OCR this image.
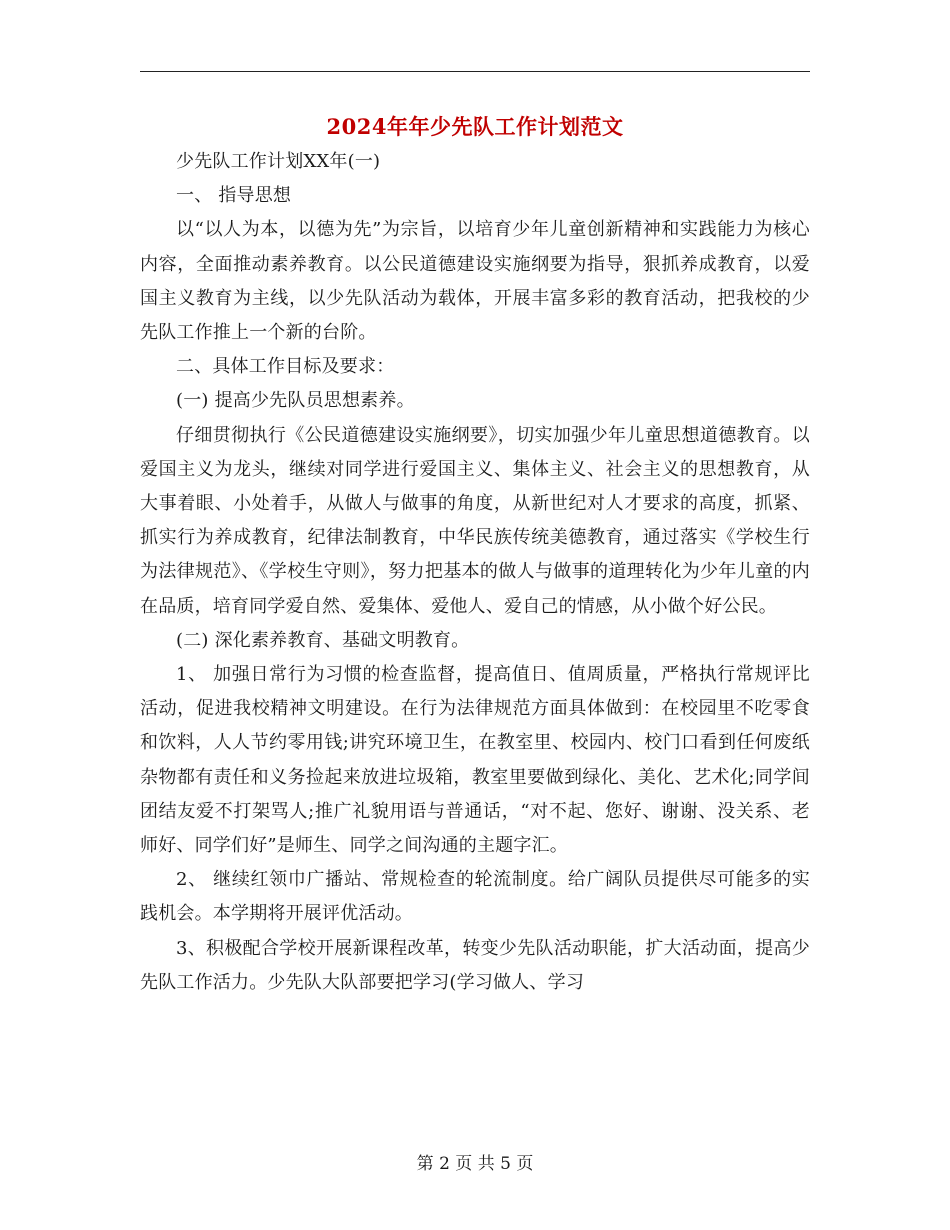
2024年年少先队工作计划范文

少先队工作计划XX年(一)

一、 指导思想

以“以人为本，以德为先”为宗旨，以培育少年儿童创新精神和实践能力为核心内容，全面推动素养教育。以公民道德建设实施纲要为指导，狠抓养成教育，以爱国主义教育为主线，以少先队活动为载体，开展丰富多彩的教育活动，把我校的少先队工作推上一个新的台阶。

二、具体工作目标及要求：

(一) 提高少先队员思想素养。

仔细贯彻执行《公民道德建设实施纲要》，切实加强少年儿童思想道德教育。以爱国主义为龙头，继续对同学进行爱国主义、集体主义、社会主义的思想教育，从大事着眼、小处着手，从做人与做事的角度，从新世纪对人才要求的高度，抓紧、抓实行为养成教育，纪律法制教育，中华民族传统美德教育，通过落实《学校生行为法律规范》、《学校生守则》，努力把基本的做人与做事的道理转化为少年儿童的内在品质，培育同学爱自然、爱集体、爱他人、爱自己的情感，从小做个好公民。

(二) 深化素养教育、基础文明教育。

1、 加强日常行为习惯的检查监督，提高值日、值周质量，严格执行常规评比活动，促进我校精神文明建设。在行为法律规范方面具体做到：在校园里不吃零食和饮料，人人节约零用钱;讲究环境卫生，在教室里、校园内、校门口看到任何废纸杂物都有责任和义务捡起来放进垃圾箱，教室里要做到绿化、美化、艺术化;同学间团结友爱不打架骂人;推广礼貌用语与普通话，“对不起、您好、谢谢、没关系、老师好、同学们好”是师生、同学之间沟通的主题字汇。

2、 继续红领巾广播站、常规检查的轮流制度。给广阔队员提供尽可能多的实践机会。本学期将开展评优活动。

3、积极配合学校开展新课程改革，转变少先队活动职能，扩大活动面，提高少先队工作活力。少先队大队部要把学习(学习做人、学习

第 2 页 共 5 页
